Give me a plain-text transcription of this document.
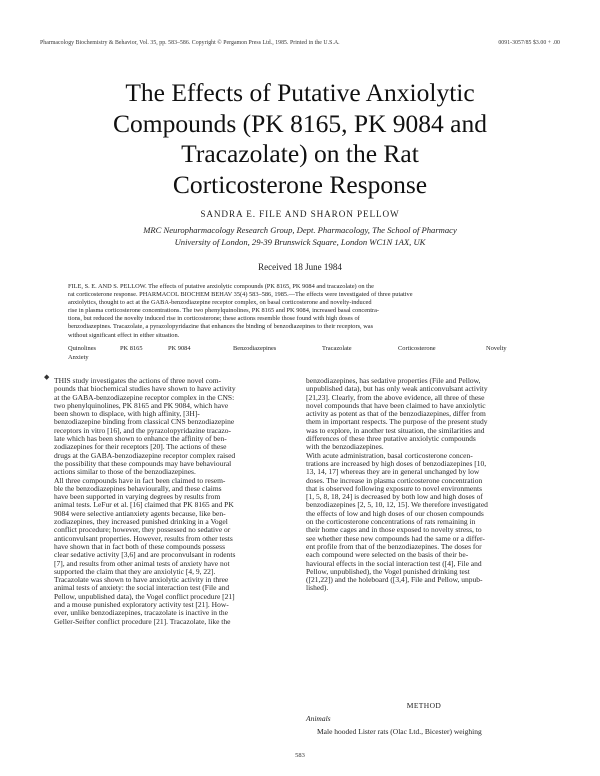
Pharmacology Biochemistry & Behavior, Vol. 35, pp. 583–586. Copyright © Pergamon Press Ltd., 1985. Printed in the U.S.A.	0091-3057/85 $3.00 + .00
The Effects of Putative Anxiolytic
Compounds (PK 8165, PK 9084 and
Tracazolate) on the Rat
Corticosterone Response
SANDRA E. FILE AND SHARON PELLOW
MRC Neuropharmacology Research Group, Dept. Pharmacology, The School of Pharmacy
University of London, 29-39 Brunswick Square, London WC1N 1AX, UK
Received 18 June 1984
FILE, S. E. AND S. PELLOW. The effects of putative anxiolytic compounds (PK 8165, PK 9084 and tracazolate) on the
rat corticosterone response. PHARMACOL BIOCHEM BEHAV 35(4) 583–586, 1985.—The effects were investigated of three putative
anxiolytics, thought to act at the GABA-benzodiazepine receptor complex, on basal corticosterone and novelty-induced
rise in plasma corticosterone concentrations. The two phenylquinolines, PK 8165 and PK 9084, increased basal concentra-
tions, but reduced the novelty induced rise in corticosterone; these actions resemble those found with high doses of
benzodiazepines. Tracazolate, a pyrazolopyridazine that enhances the binding of benzodiazepines to their receptors, was
without significant effect in either situation.
Quinolines	PK 8165	PK 9084	Benzodiazepines	Tracazolate	Corticosterone	Novelty
Anxiety
◆ THIS study investigates the actions of three novel com-
pounds that biochemical studies have shown to have activity
at the GABA-benzodiazepine receptor complex in the CNS:
two phenylquinolines, PK 8165 and PK 9084, which have
been shown to displace, with high affinity, [3H]-
benzodiazepine binding from classical CNS benzodiazepine
receptors in vitro [16], and the pyrazolopyridazine tracazo-
late which has been shown to enhance the affinity of ben-
zodiazepines for their receptors [20]. The actions of these
drugs at the GABA-benzodiazepine receptor complex raised
the possibility that these compounds may have behavioural
actions similar to those of the benzodiazepines.
All three compounds have in fact been claimed to resem-
ble the benzodiazepines behaviourally, and these claims
have been supported in varying degrees by results from
animal tests. LeFur et al. [16] claimed that PK 8165 and PK
9084 were selective antianxiety agents because, like ben-
zodiazepines, they increased punished drinking in a Vogel
conflict procedure; however, they possessed no sedative or
anticonvulsant properties. However, results from other tests
have shown that in fact both of these compounds possess
clear sedative activity [3,6] and are proconvulsant in rodents
[7], and results from other animal tests of anxiety have not
supported the claim that they are anxiolytic [4, 9, 22].
Tracazolate was shown to have anxiolytic activity in three
animal tests of anxiety: the social interaction test (File and
Pellow, unpublished data), the Vogel conflict procedure [21]
and a mouse punished exploratory activity test [21]. How-
ever, unlike benzodiazepines, tracazolate is inactive in the
Geller-Seifter conflict procedure [21]. Tracazolate, like the
benzodiazepines, has sedative properties (File and Pellow,
unpublished data), but has only weak anticonvulsant activity
[21,23]. Clearly, from the above evidence, all three of these
novel compounds that have been claimed to have anxiolytic
activity as potent as that of the benzodiazepines, differ from
them in important respects. The purpose of the present study
was to explore, in another test situation, the similarities and
differences of these three putative anxiolytic compounds
with the benzodiazepines.
With acute administration, basal corticosterone concen-
trations are increased by high doses of benzodiazepines [10,
13, 14, 17] whereas they are in general unchanged by low
doses. The increase in plasma corticosterone concentration
that is observed following exposure to novel environments
[1, 5, 8, 18, 24] is decreased by both low and high doses of
benzodiazepines [2, 5, 10, 12, 15]. We therefore investigated
the effects of low and high doses of our chosen compounds
on the corticosterone concentrations of rats remaining in
their home cages and in those exposed to novelty stress, to
see whether these new compounds had the same or a differ-
ent profile from that of the benzodiazepines. The doses for
each compound were selected on the basis of their be-
havioural effects in the social interaction test ([4], File and
Pellow, unpublished), the Vogel punished drinking test
([21,22]) and the holeboard ([3,4], File and Pellow, unpub-
lished).
METHOD
Animals
Male hooded Lister rats (Olac Ltd., Bicester) weighing
583
